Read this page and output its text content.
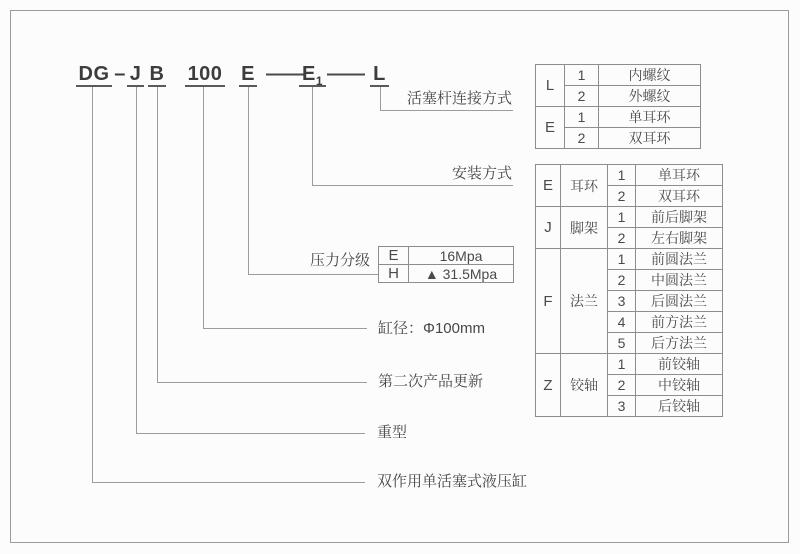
DG – J B 100 E —— $E_1$ —— L
活塞杆连接方式
安装方式
压力分级
缸径：Φ100mm
第二次产品更新
重型
双作用单活塞式液压缸
E	16Mpa
H	▲ 31.5Mpa
L	1	内螺纹
	2	外螺纹
E	1	单耳环
	2	双耳环
E	耳环	1	单耳环
		2	双耳环
J	脚架	1	前后脚架
		2	左右脚架
F	法兰	1	前圆法兰
		2	中圆法兰
		3	后圆法兰
		4	前方法兰
		5	后方法兰
Z	铰轴	1	前铰轴
		2	中铰轴
		3	后铰轴
